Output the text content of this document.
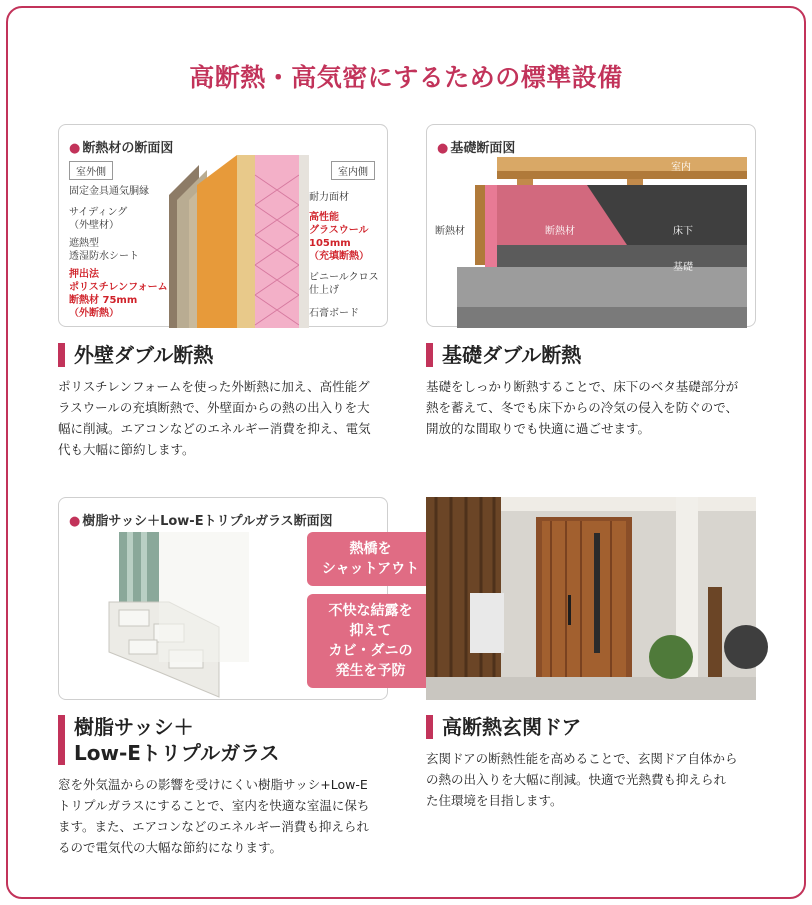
高断熱・高気密にするための標準設備
● 断熱材の断面図
室外側	室内側
固定金具通気胴縁
サイディング
（外壁材）
遮熱型
透湿防水シート
押出法
ポリスチレンフォーム
断熱材 75mm
（外断熱）
耐力面材
高性能
グラスウール
105mm
（充填断熱）
ビニールクロス
仕上げ
石膏ボード
外壁ダブル断熱
ポリスチレンフォームを使った外断熱に加え、高性能グ
ラスウールの充填断熱で、外壁面からの熱の出入りを大
幅に削減。エアコンなどのエネルギー消費を抑え、電気
代も大幅に節約します。
● 基礎断面図
室内
断熱材	断熱材	床下
基礎
基礎ダブル断熱
基礎をしっかり断熱することで、床下のベタ基礎部分が
熱を蓄えて、冬でも床下からの冷気の侵入を防ぐので、
開放的な間取りでも快適に過ごせます。
● 樹脂サッシ＋Low-Eトリプルガラス断面図
熱橋を
シャットアウト
不快な結露を
抑えて
カビ・ダニの
発生を予防
樹脂サッシ＋
Low-Eトリプルガラス
窓を外気温からの影響を受けにくい樹脂サッシ+Low-E
トリプルガラスにすることで、室内を快適な室温に保ち
ます。また、エアコンなどのエネルギー消費も抑えられ
るので電気代の大幅な節約になります。
高断熱玄関ドア
玄関ドアの断熱性能を高めることで、玄関ドア自体から
の熱の出入りを大幅に削減。快適で光熱費も抑えられ
た住環境を目指します。
